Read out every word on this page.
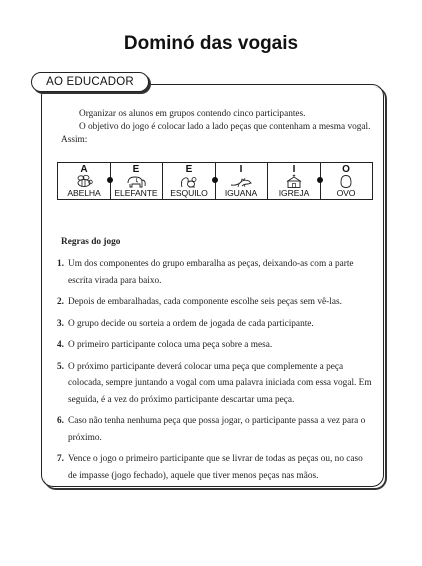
Dominó das vogais
AO EDUCADOR

Organizar os alunos em grupos contendo cinco participantes.

O objetivo do jogo é colocar lado a lado peças que contenham a mesma vogal. Assim:

A
ABELHA
E
ELEFANTE
E
ESQUILO
I
IGUANA
I
IGREJA
O
OVO
Regras do jogo
1. Um dos componentes do grupo embaralha as peças, deixando-as com a parte escrita virada para baixo.
2. Depois de embaralhadas, cada componente escolhe seis peças sem vê-las.
3. O grupo decide ou sorteia a ordem de jogada de cada participante.
4. O primeiro participante coloca uma peça sobre a mesa.
5. O próximo participante deverá colocar uma peça que complemente a peça colocada, sempre juntando a vogal com uma palavra iniciada com essa vogal. Em seguida, é a vez do próximo participante descartar uma peça.
6. Caso não tenha nenhuma peça que possa jogar, o participante passa a vez para o próximo.
7. Vence o jogo o primeiro participante que se livrar de todas as peças ou, no caso de impasse (jogo fechado), aquele que tiver menos peças nas mãos.
